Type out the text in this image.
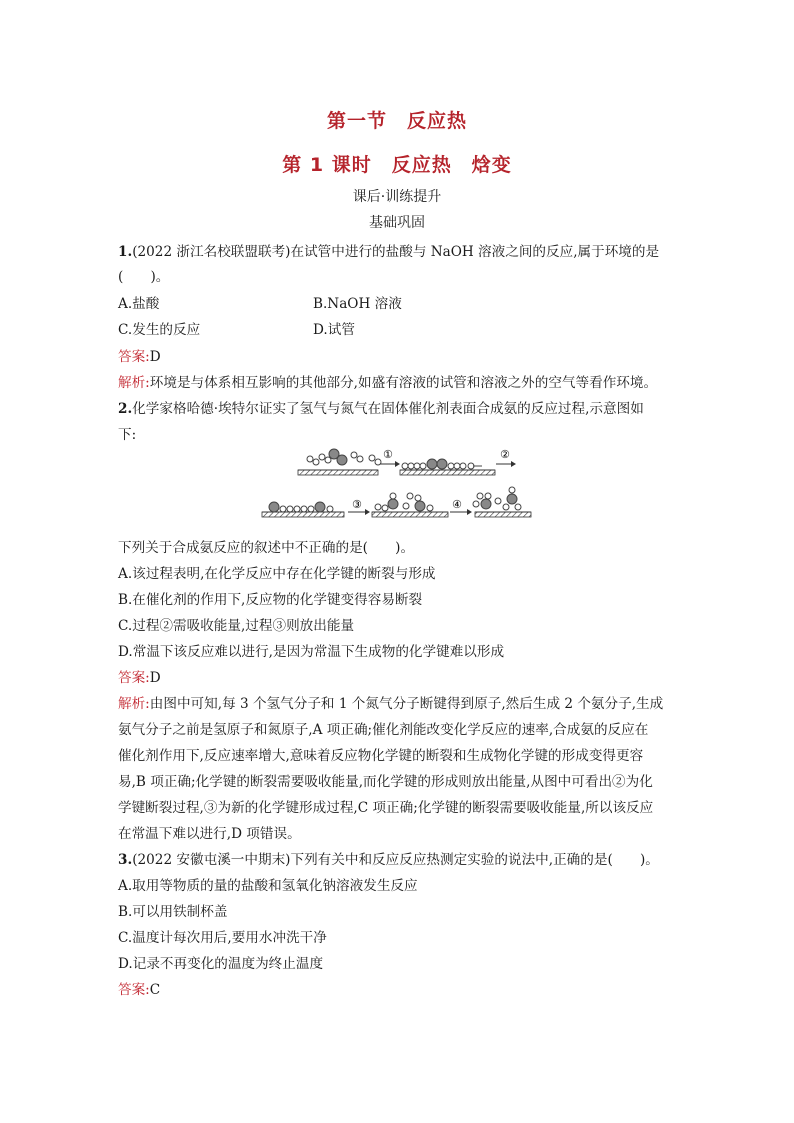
第一节　反应热
第 1 课时　反应热　焓变
课后·训练提升
基础巩固
1.(2022 浙江名校联盟联考)在试管中进行的盐酸与 NaOH 溶液之间的反应,属于环境的是
(　　)。
A.盐酸	B.NaOH 溶液
C.发生的反应	D.试管
答案:D
解析:环境是与体系相互影响的其他部分,如盛有溶液的试管和溶液之外的空气等看作环境。
2.化学家格哈德·埃特尔证实了氢气与氮气在固体催化剂表面合成氨的反应过程,示意图如
下:
①	②
③	④
下列关于合成氨反应的叙述中不正确的是(　　)。
A.该过程表明,在化学反应中存在化学键的断裂与形成
B.在催化剂的作用下,反应物的化学键变得容易断裂
C.过程②需吸收能量,过程③则放出能量
D.常温下该反应难以进行,是因为常温下生成物的化学键难以形成
答案:D
解析:由图中可知,每 3 个氢气分子和 1 个氮气分子断键得到原子,然后生成 2 个氨分子,生成
氨气分子之前是氢原子和氮原子,A 项正确;催化剂能改变化学反应的速率,合成氨的反应在
催化剂作用下,反应速率增大,意味着反应物化学键的断裂和生成物化学键的形成变得更容
易,B 项正确;化学键的断裂需要吸收能量,而化学键的形成则放出能量,从图中可看出②为化
学键断裂过程,③为新的化学键形成过程,C 项正确;化学键的断裂需要吸收能量,所以该反应
在常温下难以进行,D 项错误。
3.(2022 安徽屯溪一中期末)下列有关中和反应反应热测定实验的说法中,正确的是(　　)。
A.取用等物质的量的盐酸和氢氧化钠溶液发生反应
B.可以用铁制杯盖
C.温度计每次用后,要用水冲洗干净
D.记录不再变化的温度为终止温度
答案:C
